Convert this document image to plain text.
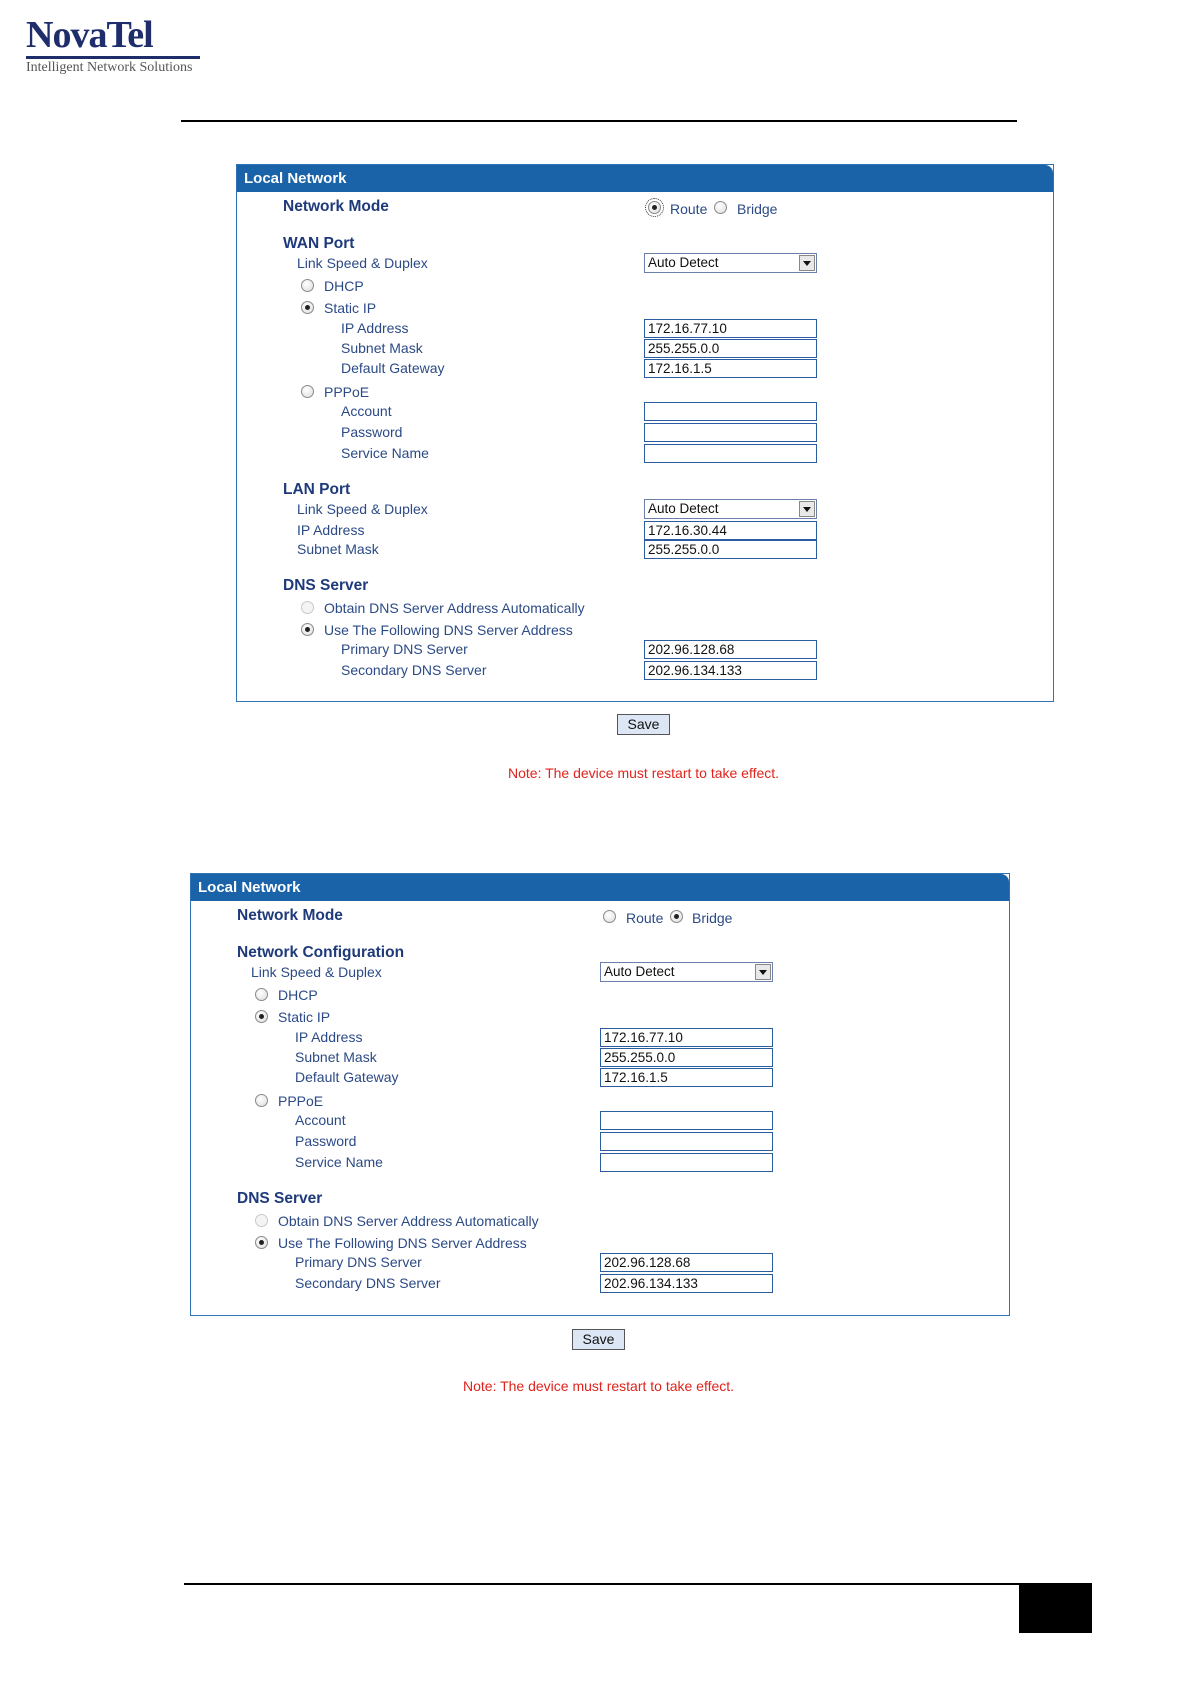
NovaTel
Intelligent Network Solutions
Local Network
Network Mode	Route Bridge
WAN Port
Link Speed & Duplex	Auto Detect
DHCP
Static IP
IP Address	172.16.77.10
Subnet Mask	255.255.0.0
Default Gateway	172.16.1.5
PPPoE
Account
Password
Service Name
LAN Port
Link Speed & Duplex	Auto Detect
IP Address	172.16.30.44
Subnet Mask	255.255.0.0
DNS Server
Obtain DNS Server Address Automatically
Use The Following DNS Server Address
Primary DNS Server	202.96.128.68
Secondary DNS Server	202.96.134.133
Save
Note: The device must restart to take effect.
Local Network
Network Mode	Route Bridge
Network Configuration
Link Speed & Duplex	Auto Detect
DHCP
Static IP
IP Address	172.16.77.10
Subnet Mask	255.255.0.0
Default Gateway	172.16.1.5
PPPoE
Account
Password
Service Name
DNS Server
Obtain DNS Server Address Automatically
Use The Following DNS Server Address
Primary DNS Server	202.96.128.68
Secondary DNS Server	202.96.134.133
Save
Note: The device must restart to take effect.
